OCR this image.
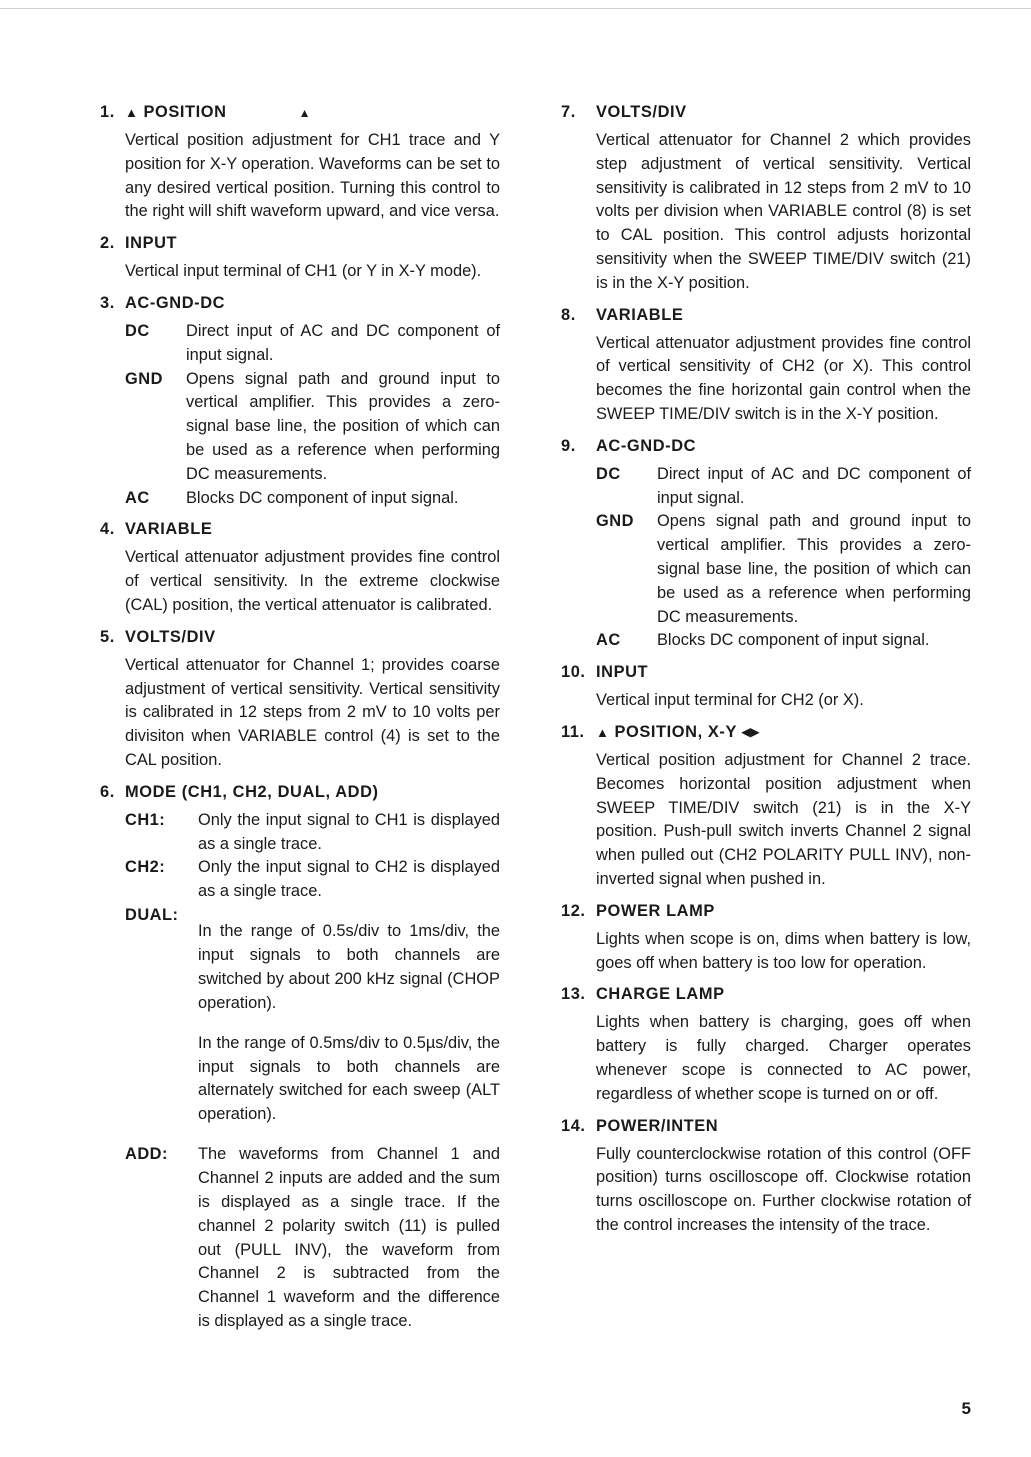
1. ▲ POSITION	▲
Vertical position adjustment for CH1 trace and Y position for X-Y operation. Waveforms can be set to any desired vertical position. Turning this control to the right will shift waveform upward, and vice versa.
2. INPUT
Vertical input terminal of CH1 (or Y in X-Y mode).
3. AC-GND-DC
DC	Direct input of AC and DC component of input signal.
GND	Opens signal path and ground input to vertical amplifier. This provides a zero-signal base line, the position of which can be used as a reference when performing DC measurements.
AC	Blocks DC component of input signal.
4. VARIABLE
Vertical attenuator adjustment provides fine control of vertical sensitivity. In the extreme clockwise (CAL) position, the vertical attenuator is calibrated.
5. VOLTS/DIV
Vertical attenuator for Channel 1; provides coarse adjustment of vertical sensitivity. Vertical sensitivity is calibrated in 12 steps from 2 mV to 10 volts per divisiton when VARIABLE control (4) is set to the CAL position.
6. MODE (CH1, CH2, DUAL, ADD)
CH1:	Only the input signal to CH1 is displayed as a single trace.
CH2:	Only the input signal to CH2 is displayed as a single trace.
DUAL:

In the range of 0.5s/div to 1ms/div, the input signals to both channels are switched by about 200 kHz signal (CHOP operation).

In the range of 0.5ms/div to 0.5µs/div, the input signals to both channels are alternately switched for each sweep (ALT operation).

ADD:	The waveforms from Channel 1 and Channel 2 inputs are added and the sum is displayed as a single trace. If the channel 2 polarity switch (11) is pulled out (PULL INV), the waveform from Channel 2 is subtracted from the Channel 1 waveform and the difference is displayed as a single trace.
7.	VOLTS/DIV
Vertical attenuator for Channel 2 which provides step adjustment of vertical sensitivity. Vertical sensitivity is calibrated in 12 steps from 2 mV to 10 volts per division when VARIABLE control (8) is set to CAL position. This control adjusts horizontal sensitivity when the SWEEP TIME/DIV switch (21) is in the X-Y position.
8.	VARIABLE
Vertical attenuator adjustment provides fine control of vertical sensitivity of CH2 (or X). This control becomes the fine horizontal gain control when the SWEEP TIME/DIV switch is in the X-Y position.
9.	AC-GND-DC
DC	Direct input of AC and DC component of input signal.
GND	Opens signal path and ground input to vertical amplifier. This provides a zero-signal base line, the position of which can be used as a reference when performing DC measurements.
AC	Blocks DC component of input signal.
10. INPUT
Vertical input terminal for CH2 (or X).
11. ▲ POSITION, X-Y ◂▸
Vertical position adjustment for Channel 2 trace. Becomes horizontal position adjustment when SWEEP TIME/DIV switch (21) is in the X-Y position. Push-pull switch inverts Channel 2 signal when pulled out (CH2 POLARITY PULL INV), non-inverted signal when pushed in.
12. POWER LAMP
Lights when scope is on, dims when battery is low, goes off when battery is too low for operation.
13. CHARGE LAMP
Lights when battery is charging, goes off when battery is fully charged. Charger operates whenever scope is connected to AC power, regardless of whether scope is turned on or off.
14. POWER/INTEN
Fully counterclockwise rotation of this control (OFF position) turns oscilloscope off. Clockwise rotation turns oscilloscope on. Further clockwise rotation of the control increases the intensity of the trace.
5
